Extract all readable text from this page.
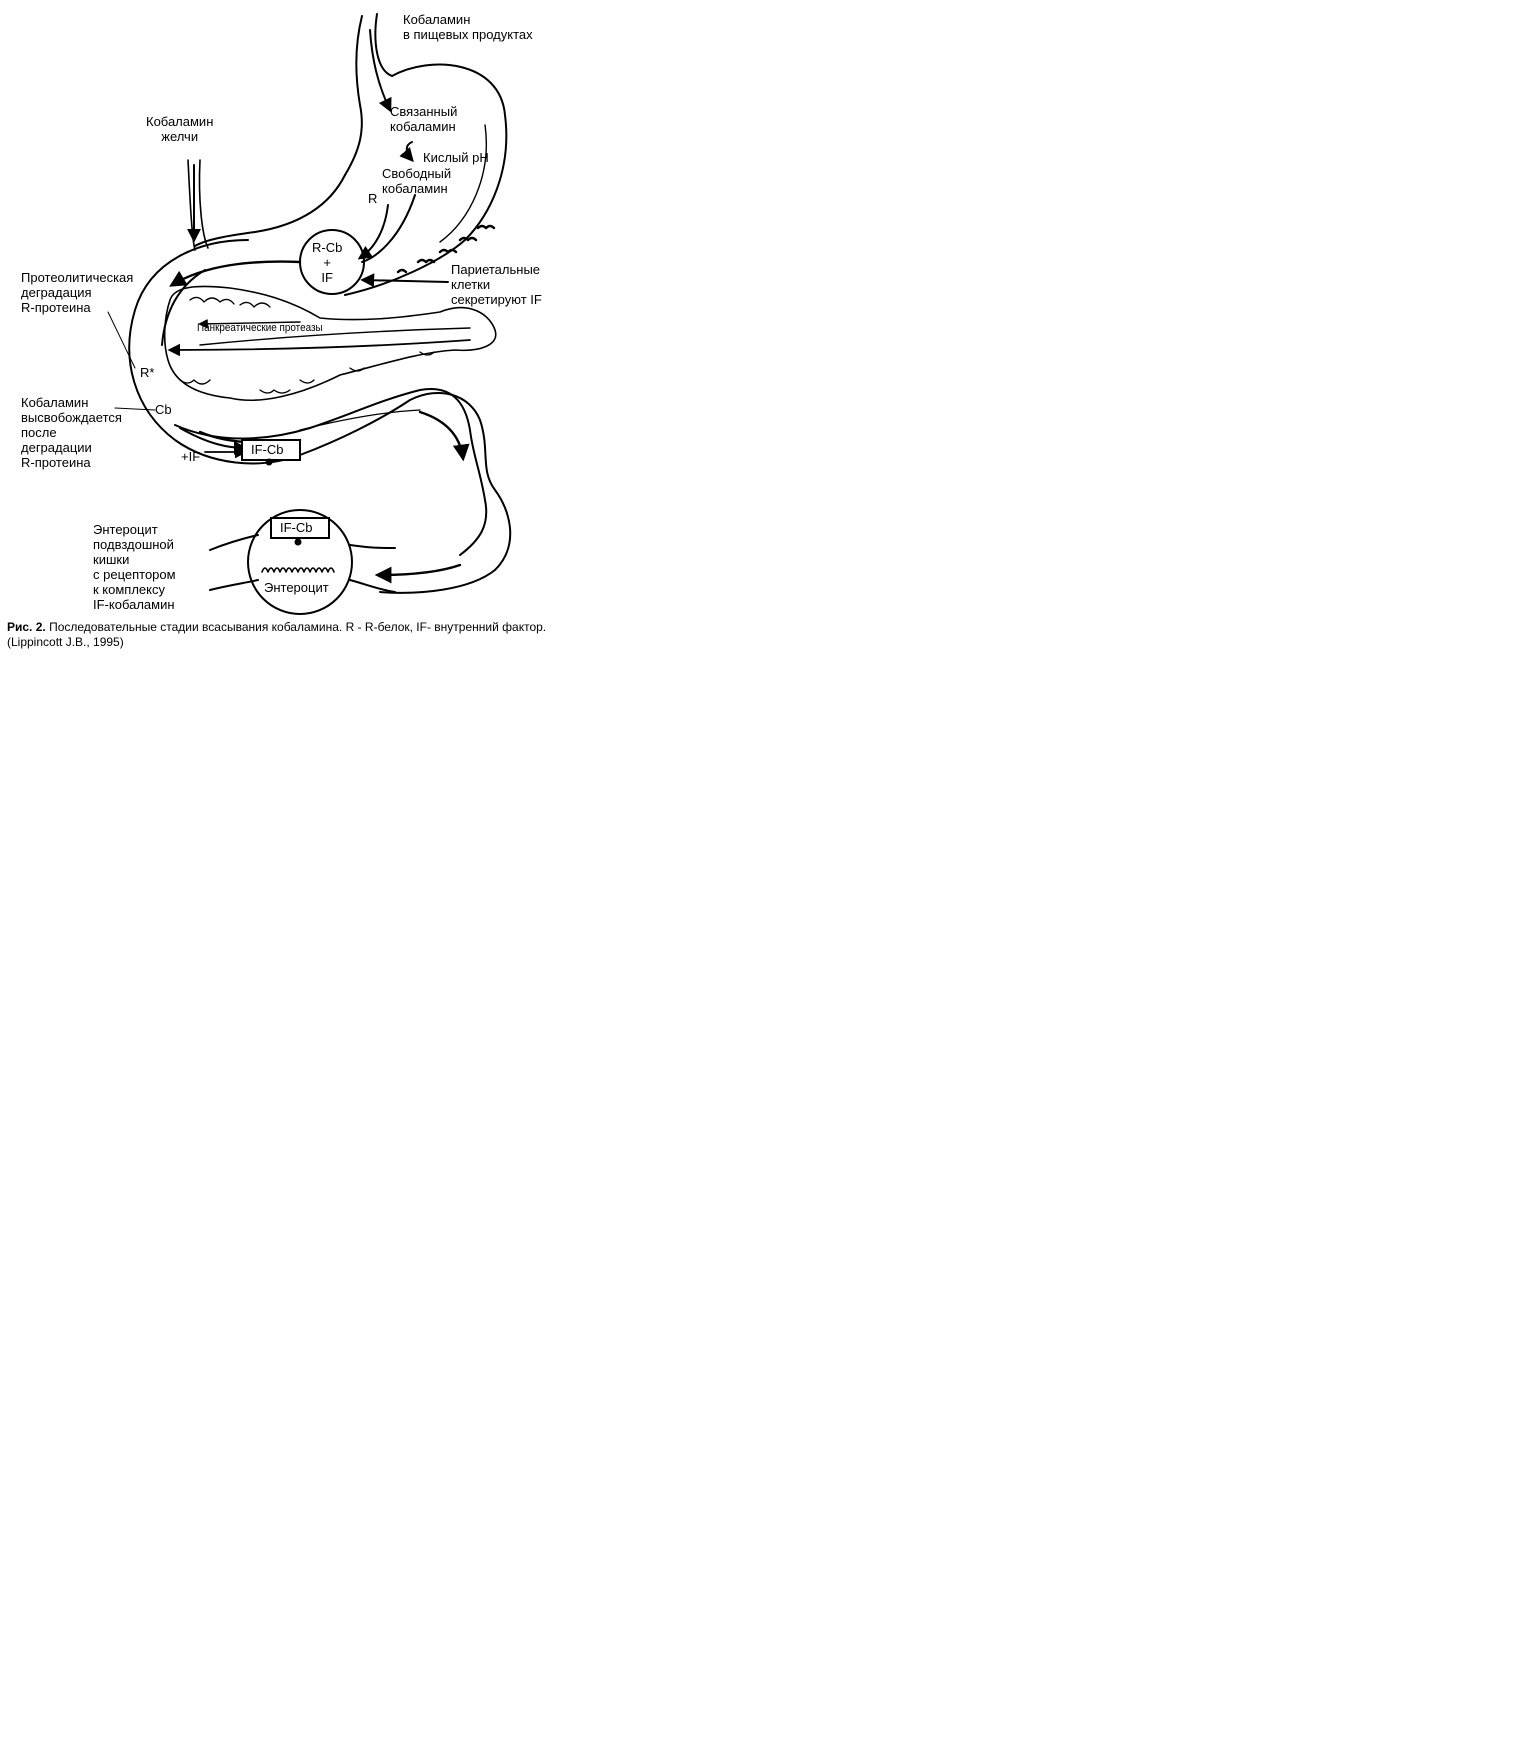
Кобаламин
в пищевых продуктах
Кобаламин
желчи
Связанный
кобаламин
Кислый pH
Свободный
кобаламин
R
R-Cb
+
IF
Париетальные
клетки
секретируют IF
Протеолитическая
деградация
R-протеина
Панкреатические протеазы
R*
Cb
Кобаламин
высвобождается
после
деградации
R-протеина	+IF	IF-Cb
IF-Cb
Энтероцит
Энтероцит
подвздошной
кишки
с рецептором
к комплексу
IF-кобаламин
Рис. 2. Последовательные стадии всасывания кобаламина. R - R-белок, IF- внутренний фактор. (Lippincott J.B., 1995)
